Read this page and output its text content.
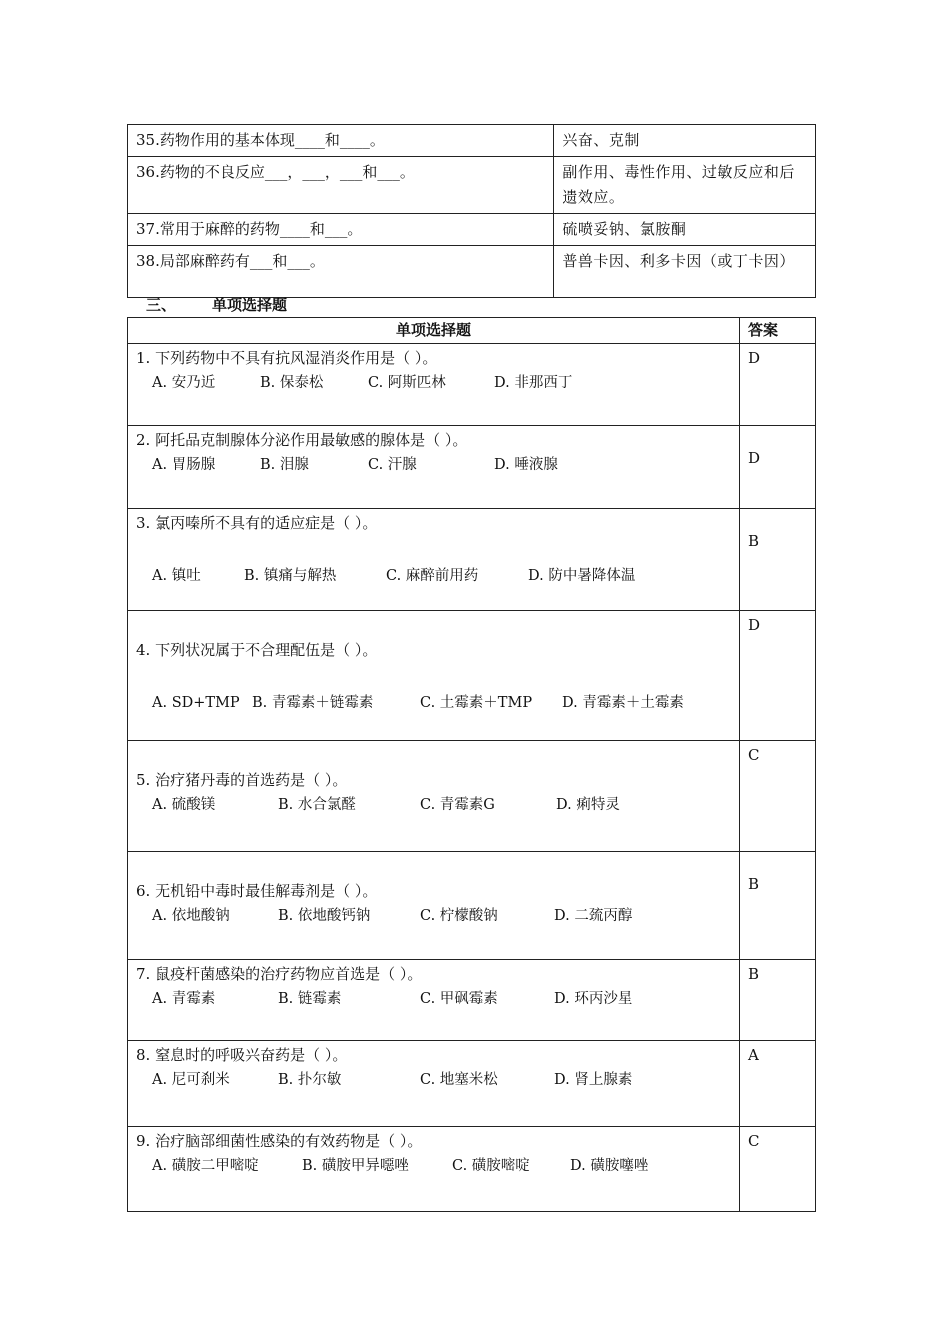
35.药物作用的基本体现____和____。	兴奋、克制
36.药物的不良反应___，___，___和___。	副作用、毒性作用、过敏反应和后遗效应。
37.常用于麻醉的药物____和___。	硫喷妥钠、氯胺酮
38.局部麻醉药有___和___。	普兽卡因、利多卡因（或丁卡因）
三、 单项选择题
单项选择题	答案

1. 下列药物中不具有抗风湿消炎作用是（ ）。
A. 安乃近 B. 保泰松 C. 阿斯匹林 D. 非那西丁	D

2. 阿托品克制腺体分泌作用最敏感的腺体是（ ）。
A. 胃肠腺 B. 泪腺 C. 汗腺 D. 唾液腺	D

3. 氯丙嗪所不具有的适应症是（ ）。
A. 镇吐 B. 镇痛与解热 C. 麻醉前用药 D. 防中暑降体温	B

4. 下列状况属于不合理配伍是（ ）。
A. SD+TMP B. 青霉素＋链霉素 C. 土霉素＋TMP D. 青霉素＋土霉素	D

5. 治疗猪丹毒的首选药是（ ）。
A. 硫酸镁 B. 水合氯醛 C. 青霉素G D. 痢特灵	C

6. 无机铅中毒时最佳解毒剂是（ ）。
A. 依地酸钠 B. 依地酸钙钠 C. 柠檬酸钠 D. 二巯丙醇	B

7. 鼠疫杆菌感染的治疗药物应首选是（ ）。
A. 青霉素 B. 链霉素 C. 甲砜霉素 D. 环丙沙星	B

8. 窒息时的呼吸兴奋药是（ ）。
A. 尼可刹米 B. 扑尔敏 C. 地塞米松 D. 肾上腺素	A

9. 治疗脑部细菌性感染的有效药物是（ ）。
A. 磺胺二甲嘧啶 B. 磺胺甲异噁唑 C. 磺胺嘧啶 D. 磺胺噻唑	C
